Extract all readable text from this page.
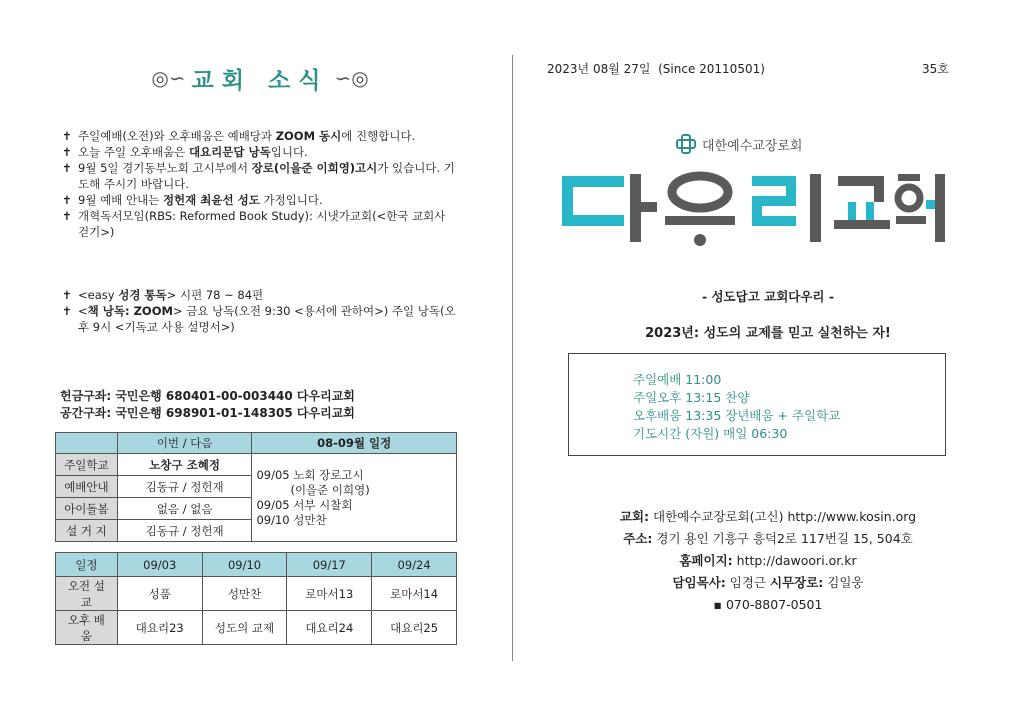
◎∽ 교회 소식 ∽◎
✝ 주일예배(오전)와 오후배움은 예배당과 ZOOM 동시에 진행합니다.
✝ 오늘 주일 오후배움은 대요리문답 낭독입니다.
✝ 9월 5일 경기동부노회 고시부에서 장로(이을준 이희영)고시가 있습니다. 기도해 주시기 바랍니다.
✝ 9월 예배 안내는 정헌재 최윤선 성도 가정입니다.
✝ 개혁독서모임(RBS: Reformed Book Study): 시냇가교회(<한국 교회사 걷기>)
✝ <easy 성경 통독> 시편 78 ~ 84편
✝ <책 낭독: ZOOM> 금요 낭독(오전 9:30 <용서에 관하여>) 주일 낭독(오후 9시 <기독교 사용 설명서>)
헌금구좌: 국민은행 680401-00-003440 다우리교회
공간구좌: 국민은행 698901-01-148305 다우리교회
	이번 / 다음	08-09월 일정
주일학교	노창구 조혜정	09/05 노회 장로고시
(이을준 이희영)
09/05 서부 시찰회
09/10 성만찬

예배안내	김동규 / 정헌재	
아이돌봄	없음 / 없음	
설 거 지	김동규 / 정헌재	
일정	09/03	09/10	09/17	09/24
오전 설교	성품	성만찬	로마서13	로마서14
오후 배움	대요리23	성도의 교제	대요리24	대요리25
2023년 08월 27일  (Since 20110501)	35호
대한예수교장로회
다우리교회
- 성도답고 교회다우리 -
2023년: 성도의 교제를 믿고 실천하는 자!
주일예배 11:00
주일오후 13:15 찬양
오후배움 13:35 장년배움 + 주일학교
기도시간 (자원) 매일 06:30
교회: 대한예수교장로회(고신) http://www.kosin.org
주소: 경기 용인 기흥구 흥덕2로 117번길 15, 504호
홈페이지: http://dawoori.or.kr
담임목사: 임경근 시무장로: 김일웅
▪ 070-8807-0501
